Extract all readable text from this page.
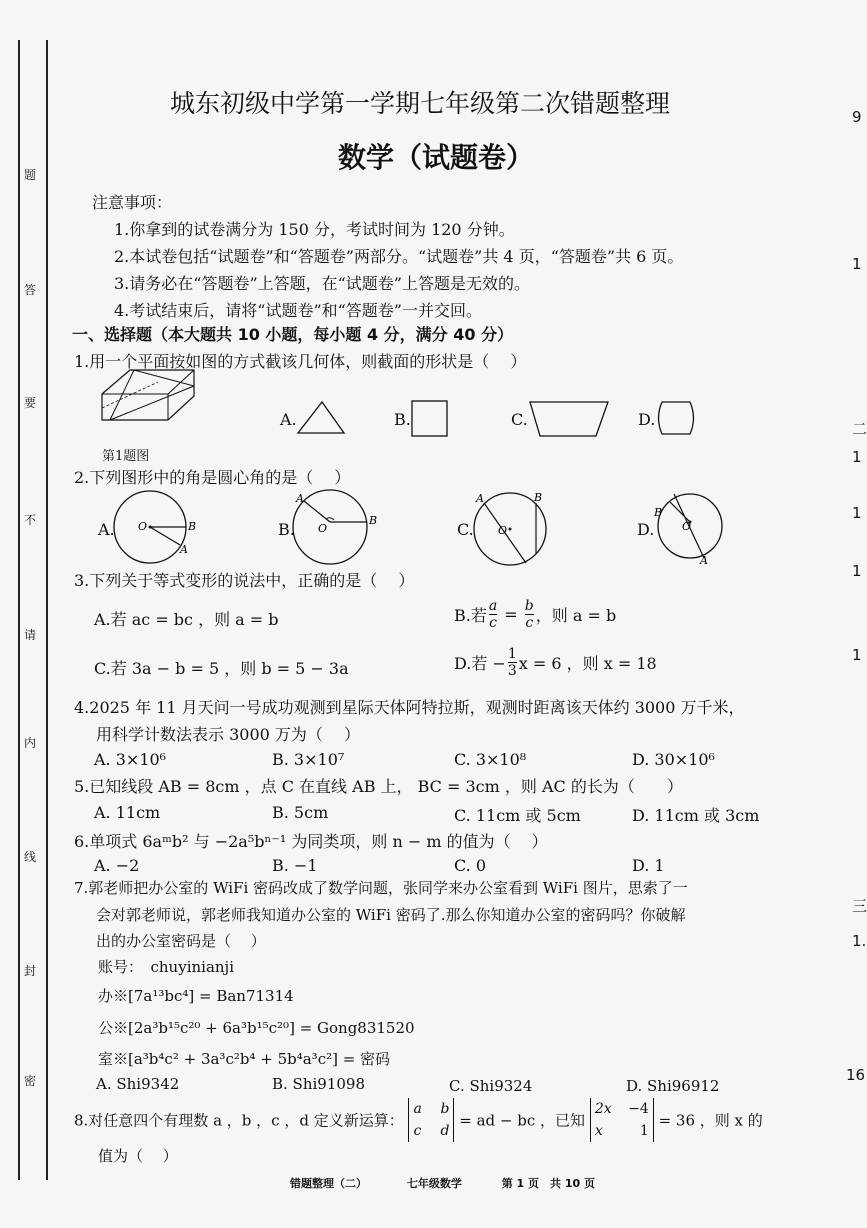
题
答
要
不
请
内
线
封
密
9
1
二
1
1
1
1
三
1.
16
城东初级中学第一学期七年级第二次错题整理
数学（试题卷）
注意事项：
1.你拿到的试卷满分为 150 分，考试时间为 120 分钟。
2.本试卷包括“试题卷”和“答题卷”两部分。“试题卷”共 4 页，“答题卷”共 6 页。
3.请务必在“答题卷”上答题，在“试题卷”上答题是无效的。
4.考试结束后，请将“试题卷”和“答题卷”一并交回。
一、选择题（本大题共 10 小题，每小题 4 分，满分 40 分）
1.用一个平面按如图的方式截该几何体，则截面的形状是（　 ）
第1题图
A.	B.	C.	D.
2.下列图形中的角是圆心角的是（　 ）
A. O	B
A
B. O
A
B	C. O
A	B
D.	O
B
A
3.下列关于等式变形的说法中，正确的是（　 ）
A.若 ac = bc ，则 a = b	B.若 $\frac{a}{c} = \frac{b}{c}$ ，则 a = b
C.若 3a − b = 5 ，则 b = 5 − 3a	D.若 − $\frac{1}{3}$ x = 6 ，则 x = 18
4.2025 年 11 月天问一号成功观测到星际天体阿特拉斯，观测时距离该天体约 3000 万千米，
用科学计数法表示 3000 万为（　 ）
A. 3×10⁶	B. 3×10⁷	C. 3×10⁸	D. 30×10⁶
5.已知线段 AB = 8cm ，点 C 在直线 AB 上， BC = 3cm ，则 AC 的长为（　　）
A. 11cm	B. 5cm	C. 11cm 或 5cm	D. 11cm 或 3cm
6.单项式 6aᵐb² 与 −2a⁵bⁿ⁻¹ 为同类项，则 n − m 的值为（　 ）
A. −2	B. −1	C. 0	D. 1
7.郭老师把办公室的 WiFi 密码改成了数学问题，张同学来办公室看到 WiFi 图片，思索了一
会对郭老师说，郭老师我知道办公室的 WiFi 密码了.那么你知道办公室的密码吗？你破解
出的办公室密码是（　 ）
账号：　chuyinianji
办※[7a¹³bc⁴] = Ban71314
公※[2a³b¹⁵c²⁰ + 6a³b¹⁵c²⁰] = Gong831520
室※[a³b⁴c² + 3a³c²b⁴ + 5b⁴a³c²] = 密码
A. Shi9342	B. Shi91098	C. Shi9324	D. Shi96912
8.对任意四个有理数 a ，b ，c ，d 定义新运算：
a b
c d
= ad − bc ，已知
2x −4
x	1
= 36 ，则 x 的
值为（　 ）
错题整理（二）	七年级数学	第 1 页　共 10 页
